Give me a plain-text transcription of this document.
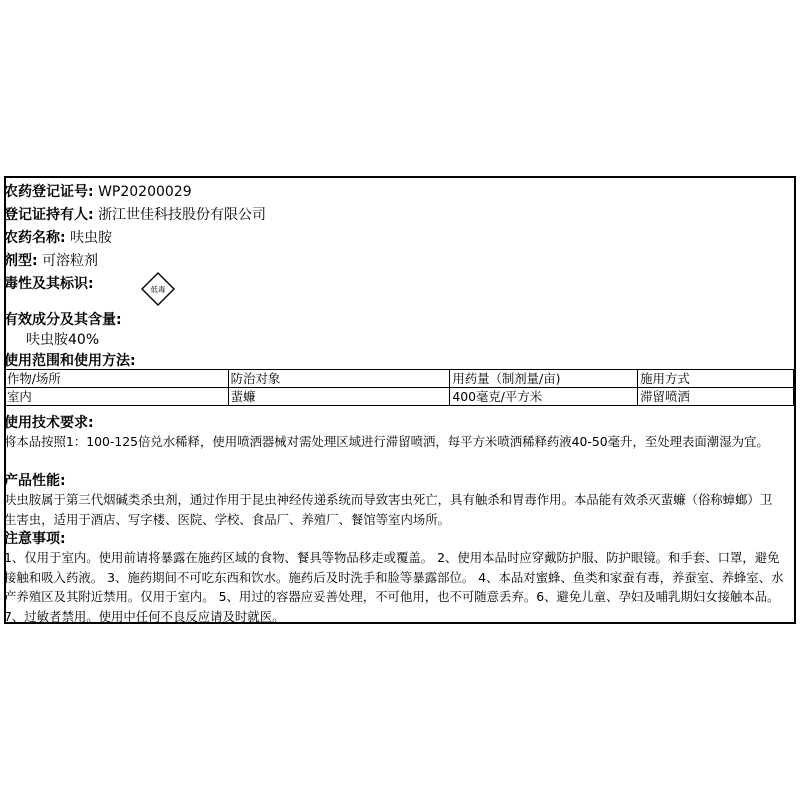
农药登记证号: WP20200029
登记证持有人: 浙江世佳科技股份有限公司
农药名称: 呋虫胺
剂型: 可溶粒剂
毒性及其标识:	低毒
有效成分及其含量:
呋虫胺40%
使用范围和使用方法:
作物/场所	防治对象	用药量（制剂量/亩)	施用方式
室内	蜚蠊	400毫克/平方米	滞留喷洒
使用技术要求:
将本品按照1：100-125倍兑水稀释，使用喷洒器械对需处理区域进行滞留喷洒，每平方米喷洒稀释药液40-50毫升，至处理表面潮湿为宜。
产品性能:
呋虫胺属于第三代烟碱类杀虫剂，通过作用于昆虫神经传递系统而导致害虫死亡，具有触杀和胃毒作用。本品能有效杀灭蜚蠊（俗称蟑螂）卫生害虫，适用于酒店、写字楼、医院、学校、食品厂、养殖厂、餐馆等室内场所。
注意事项:
1、仅用于室内。使用前请将暴露在施药区域的食物、餐具等物品移走或覆盖。 2、使用本品时应穿戴防护服、防护眼镜。和手套、口罩，避免接触和吸入药液。 3、施药期间不可吃东西和饮水。施药后及时洗手和脸等暴露部位。 4、本品对蜜蜂、鱼类和家蚕有毒，养蚕室、养蜂室、水产养殖区及其附近禁用。仅用于室内。 5、用过的容器应妥善处理，不可他用，也不可随意丢弃。6、避免儿童、孕妇及哺乳期妇女接触本品。 7、过敏者禁用。使用中任何不良反应请及时就医。
